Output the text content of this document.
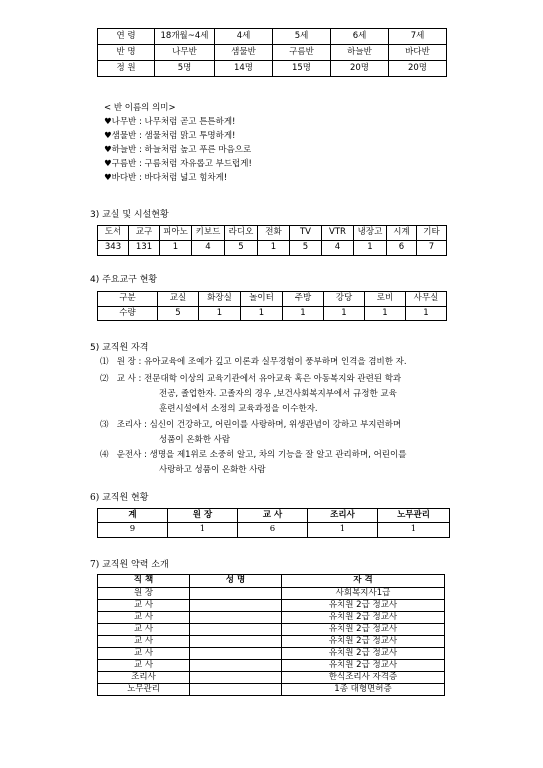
연 령	18개월~4세	4세	5세	6세	7세
반 명	나무반	샘물반	구름반	하늘반	바다반
정 원	5명	14명	15명	20명	20명
< 반 이름의 의미>
♥나무반 : 나무처럼 곧고 튼튼하게!
♥샘물반 : 샘물처럼 맑고 투명하게!
♥하늘반 : 하늘처럼 높고 푸른 마음으로
♥구름반 : 구름처럼 자유롭고 부드럽게!
♥바다반 : 바다처럼 넓고 힘차게!
3) 교실 및 시설현황
도서	교구	피아노	키보드	라디오	전화	TV	VTR	냉장고	시계	기타
343	131	1	4	5	1	5	4	1	6	7
4) 주요교구 현황
구분	교실	화장실	놀이터	주방	강당	로비	사무실
수량	5	1	1	1	1	1	1
5) 교직원 자격
⑴ 원 장 : 유아교육에 조예가 깊고 이론과 실무경험이 풍부하며 인격을 겸비한 자.
⑵ 교 사 : 전문대학 이상의 교육기관에서 유아교육 혹은 아동복지와 관련된 학과
전공, 졸업한자. 고졸자의 경우 ,보건사회복지부에서 규정한 교육
훈련시설에서 소정의 교육과정을 이수한자.
⑶ 조리사 : 심신이 건강하고, 어린이를 사랑하며, 위생관념이 강하고 부지런하며
성품이 온화한 사람
⑷ 운전사 : 생명을 제1위로 소중히 알고, 차의 기능을 잘 알고 관리하며, 어린이를
사랑하고 성품이 온화한 사람
6) 교직원 현황
계	원 장	교 사	조리사	노무관리
9	1	6	1	1
7) 교직원 약력 소개
직 책	성 명	자 격
원 장		사회복지사1급
교 사		유치원 2급 정교사
교 사		유치원 2급 정교사
교 사		유치원 2급 정교사
교 사		유치원 2급 정교사
교 사		유치원 2급 정교사
교 사		유치원 2급 정교사
조리사		한식조리사 자격증
노무관리		1종 대형면허증
